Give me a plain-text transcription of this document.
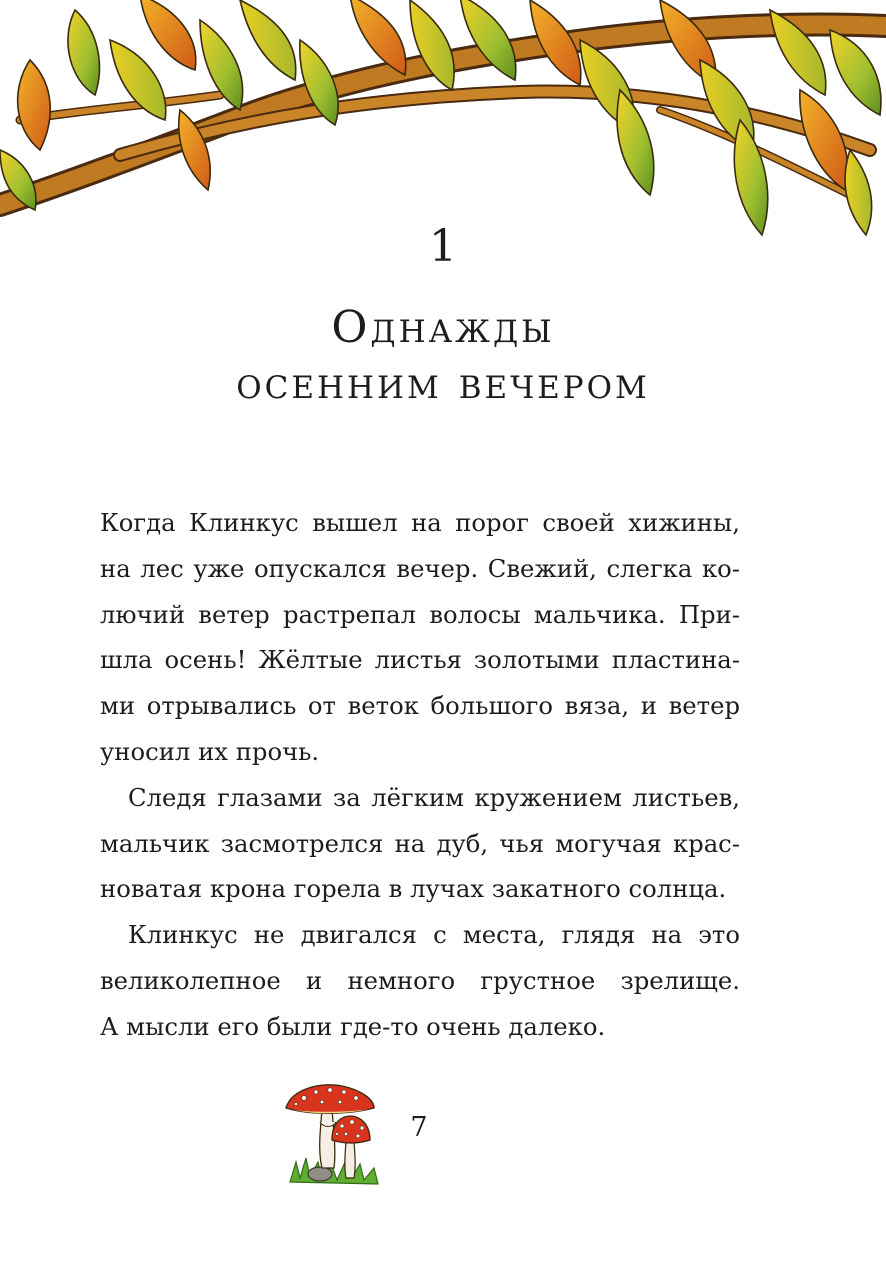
1
Однажды
осенним вечером

Когда Клинкус вышел на порог своей хижины,
на лес уже опускался вечер. Свежий, слегка ко-
лючий ветер растрепал волосы мальчика. При-
шла осень! Жёлтые листья золотыми пластина-
ми отрывались от веток большого вяза, и ветер
уносил их прочь.

Следя глазами за лёгким кружением листьев,
мальчик засмотрелся на дуб, чья могучая крас-
новатая крона горела в лучах закатного солнца.

Клинкус не двигался с места, глядя на это
великолепное и немного грустное зрелище.
А мысли его были где-то очень далеко.

7
